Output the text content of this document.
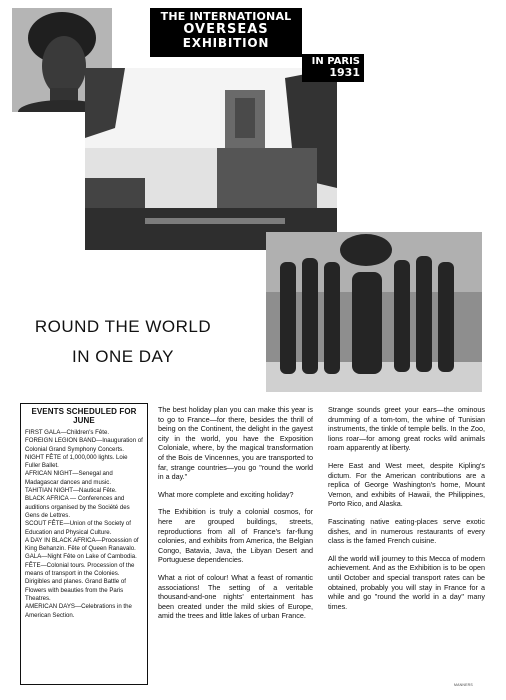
THE INTERNATIONAL
OVERSEAS
EXHIBITION
IN PARIS
1931
ROUND THE WORLD
IN ONE DAY
EVENTS SCHEDULED FOR JUNE
FIRST GALA—Children's Fête.
FOREIGN LEGION BAND—Inauguration of Colonial Grand Symphony Concerts.
NIGHT FÊTE of 1,000,000 lights. Loie Fuller Ballet.
AFRICAN NIGHT—Senegal and Madagascar dances and music.
TAHITIAN NIGHT—Nautical Fête.
BLACK AFRICA — Conferences and auditions organised by the Société des Gens de Lettres.
SCOUT FÊTE—Union of the Society of Education and Physical Culture.
A DAY IN BLACK AFRICA—Procession of King Behanzin. Fête of Queen Ranavalo.
GALA—Night Fête on Lake of Cambodia.
FÊTE—Colonial tours. Procession of the means of transport in the Colonies. Dirigibles and planes. Grand Battle of Flowers with beauties from the Paris Theatres.
AMERICAN DAYS—Celebrations in the American Section.

The best holiday plan you can make this year is to go to France—for there, besides the thrill of being on the Continent, the delight in the gayest city in the world, you have the Exposition Coloniale, where, by the magical transformation of the Bois de Vincennes, you are transported to far, strange countries—you go "round the world in a day."

What more complete and exciting holiday?

The Exhibition is truly a colonial cosmos, for here are grouped buildings, streets, reproductions from all of France's far-flung colonies, and exhibits from America, the Belgian Congo, Batavia, Java, the Libyan Desert and Portuguese dependencies.

What a riot of colour! What a feast of romantic associations! The setting of a veritable thousand-and-one nights' entertainment has been created under the mild skies of Europe, amid the trees and little lakes of urban France.

Strange sounds greet your ears—the ominous drumming of a tom-tom, the whine of Tunisian instruments, the tinkle of temple bells. In the Zoo, lions roar—for among great rocks wild animals roam apparently at liberty.

Here East and West meet, despite Kipling's dictum. For the American contributions are a replica of George Washington's home, Mount Vernon, and exhibits of Hawaii, the Philippines, Porto Rico, and Alaska.

Fascinating native eating-places serve exotic dishes, and in numerous restaurants of every class is the famed French cuisine.

All the world will journey to this Mecca of modern achievement. And as the Exhibition is to be open until October and special transport rates can be obtained, probably you will stay in France for a while and go "round the world in a day" many times.

MANNERS
